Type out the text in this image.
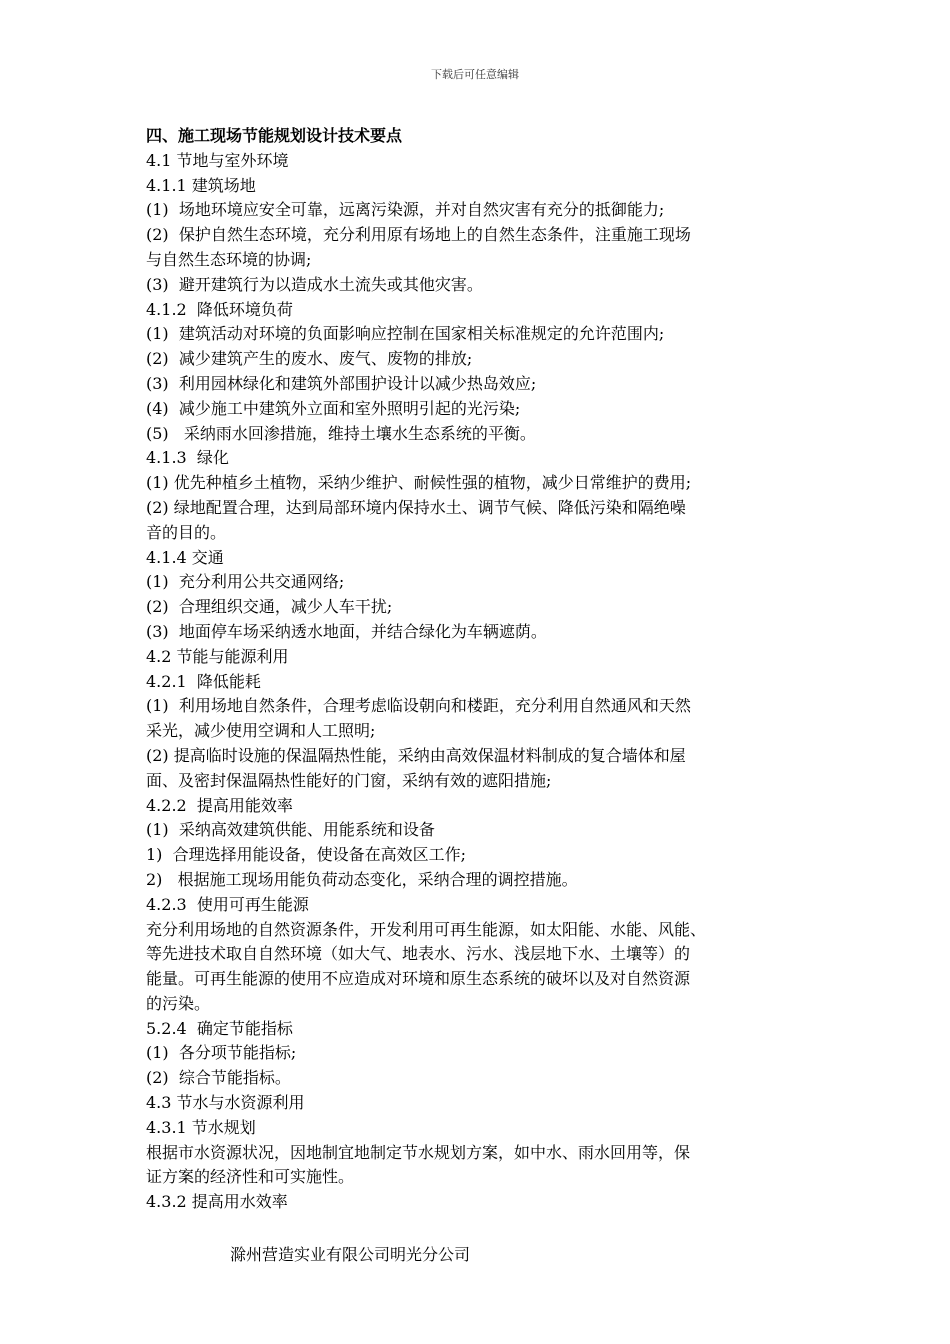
下载后可任意编辑
四、施工现场节能规划设计技术要点
4.1 节地与室外环境
4.1.1 建筑场地
(1)  场地环境应安全可靠，远离污染源，并对自然灾害有充分的抵御能力;
(2)  保护自然生态环境，充分利用原有场地上的自然生态条件，注重施工现场
与自然生态环境的协调;
(3)  避开建筑行为以造成水土流失或其他灾害。
4.1.2  降低环境负荷
(1)  建筑活动对环境的负面影响应控制在国家相关标准规定的允许范围内;
(2)  减少建筑产生的废水、废气、废物的排放;
(3)  利用园林绿化和建筑外部围护设计以减少热岛效应;
(4)  减少施工中建筑外立面和室外照明引起的光污染;
(5)   采纳雨水回渗措施，维持土壤水生态系统的平衡。
4.1.3  绿化
(1) 优先种植乡土植物，采纳少维护、耐候性强的植物，减少日常维护的费用;
(2) 绿地配置合理，达到局部环境内保持水土、调节气候、降低污染和隔绝噪
音的目的。
4.1.4 交通
(1)  充分利用公共交通网络;
(2)  合理组织交通，减少人车干扰;
(3)  地面停车场采纳透水地面，并结合绿化为车辆遮荫。
4.2 节能与能源利用
4.2.1  降低能耗
(1)  利用场地自然条件，合理考虑临设朝向和楼距，充分利用自然通风和天然
采光，减少使用空调和人工照明;
(2) 提高临时设施的保温隔热性能，采纳由高效保温材料制成的复合墙体和屋
面、及密封保温隔热性能好的门窗，采纳有效的遮阳措施;
4.2.2  提高用能效率
(1)  采纳高效建筑供能、用能系统和设备
1)  合理选择用能设备，使设备在高效区工作;
2)   根据施工现场用能负荷动态变化，采纳合理的调控措施。
4.2.3  使用可再生能源
充分利用场地的自然资源条件，开发利用可再生能源，如太阳能、水能、风能、
等先进技术取自自然环境（如大气、地表水、污水、浅层地下水、土壤等）的
能量。可再生能源的使用不应造成对环境和原生态系统的破坏以及对自然资源
的污染。
5.2.4  确定节能指标
(1)  各分项节能指标;
(2)  综合节能指标。
4.3 节水与水资源利用
4.3.1 节水规划
根据市水资源状况，因地制宜地制定节水规划方案，如中水、雨水回用等，保
证方案的经济性和可实施性。
4.3.2 提高用水效率
滁州营造实业有限公司明光分公司
